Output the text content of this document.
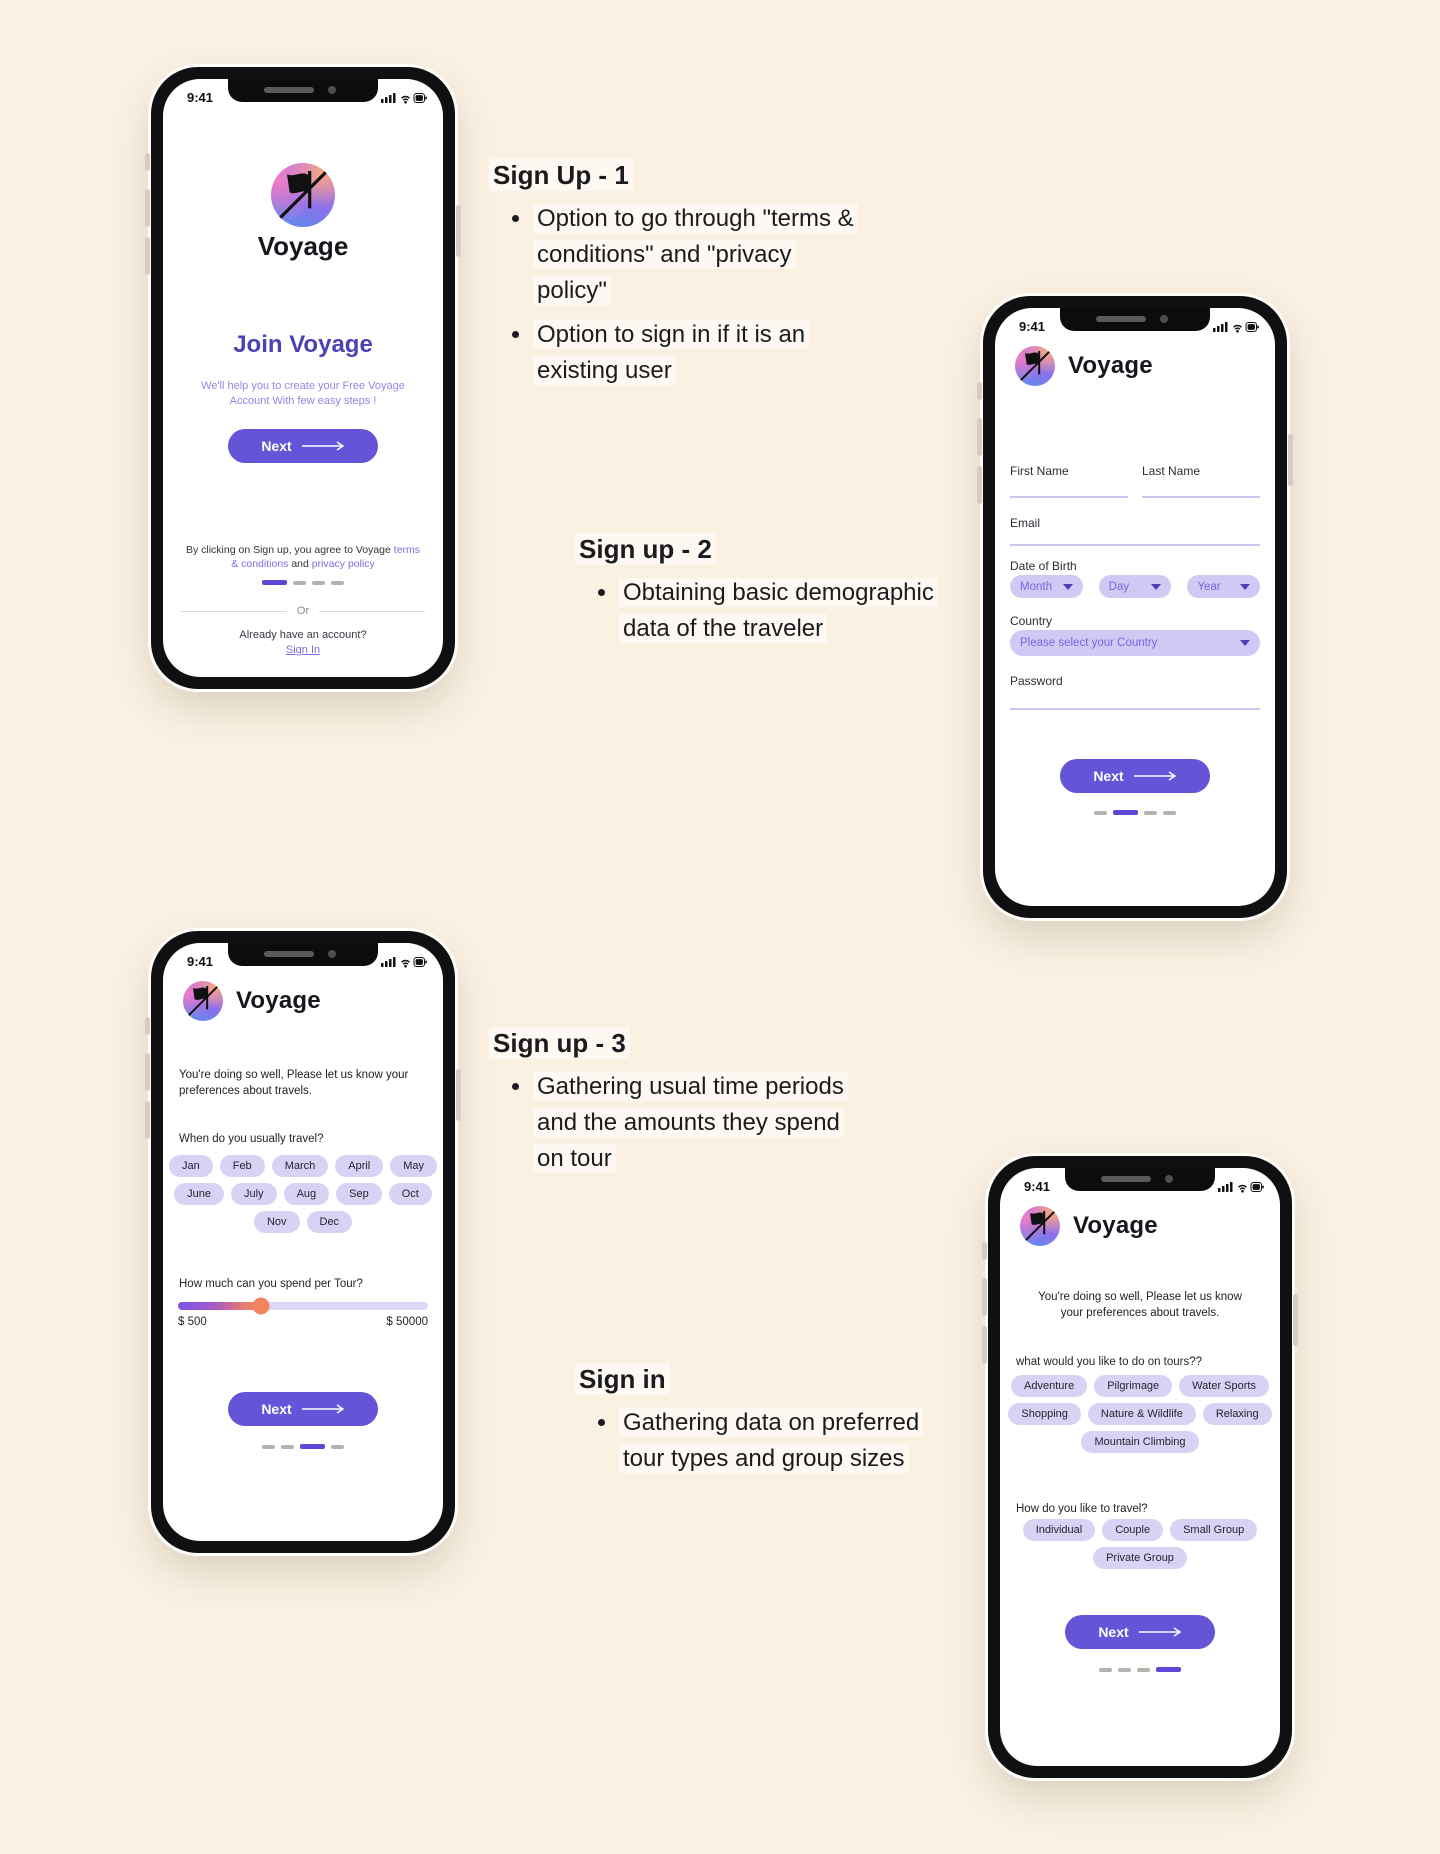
9:41
Voyage
Join Voyage
We'll help you to create your Free Voyage Account With few easy steps !
Next
By clicking on Sign up, you agree to Voyage terms & conditions and privacy policy
Or
Already have an account?
Sign In
9:41
Voyage
First Name	Last Name
Email
Date of Birth
Month	Day	Year
Country
Please select your Country
Password
Next
9:41
Voyage
You're doing so well, Please let us know your preferences about travels.
When do you usually travel?
Jan	Feb	March	April	May
June	July	Aug	Sep	Oct
Nov	Dec
How much can you spend per Tour?
$ 500	$ 50000
Next
9:41
Voyage
You're doing so well, Please let us know your preferences about travels.
what would you like to do on tours??
Adventure	Pilgrimage	Water Sports
Shopping	Nature & Wildlife	Relaxing
Mountain Climbing
How do you like to travel?
Individual	Couple	Small Group
Private Group
Next
Sign Up - 1
• Option to go through "terms & conditions" and "privacy policy"
• Option to sign in if it is an existing user
Sign up - 2
• Obtaining basic demographic data of the traveler
Sign up - 3
• Gathering usual time periods and the amounts they spend on tour
Sign in
• Gathering data on preferred tour types and group sizes
